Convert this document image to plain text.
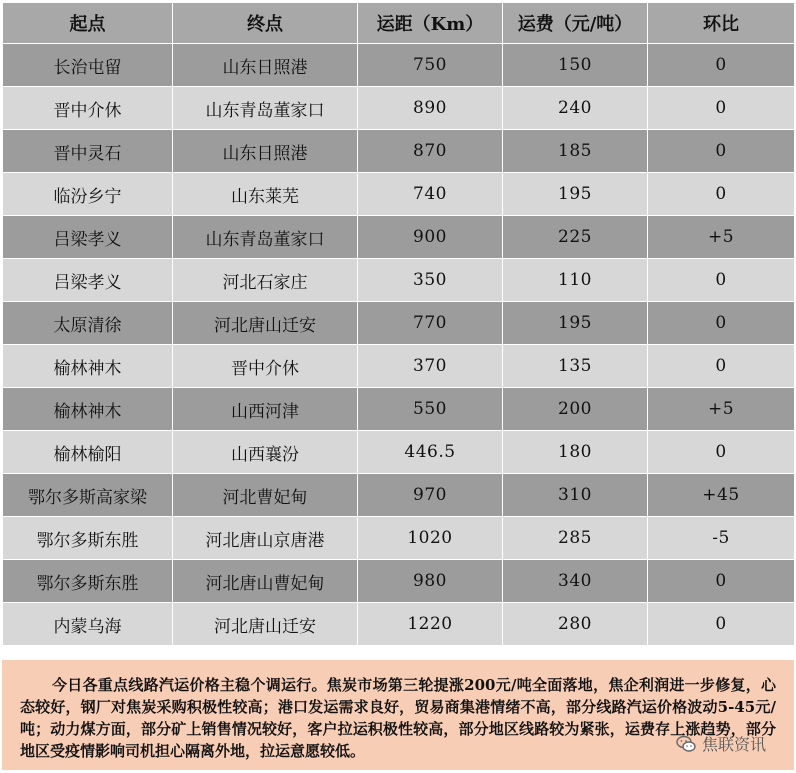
起点	终点	运距（Km）	运费（元/吨）	环比
长治屯留	山东日照港	750	150	0
晋中介休	山东青岛董家口	890	240	0
晋中灵石	山东日照港	870	185	0
临汾乡宁	山东莱芜	740	195	0
吕梁孝义	山东青岛董家口	900	225	+5
吕梁孝义	河北石家庄	350	110	0
太原清徐	河北唐山迁安	770	195	0
榆林神木	晋中介休	370	135	0
榆林神木	山西河津	550	200	+5
榆林榆阳	山西襄汾	446.5	180	0
鄂尔多斯高家梁	河北曹妃甸	970	310	+45
鄂尔多斯东胜	河北唐山京唐港	1020	285	-5
鄂尔多斯东胜	河北唐山曹妃甸	980	340	0
内蒙乌海	河北唐山迁安	1220	280	0

今日各重点线路汽运价格主稳个调运行。焦炭市场第三轮提涨200元/吨全面落地，焦企利润进一步修复，心态较好，钢厂对焦炭采购积极性较高；港口发运需求良好，贸易商集港情绪不高，部分线路汽运价格波动5-45元/吨；动力煤方面，部分矿上销售情况较好，客户拉运积极性较高，部分地区线路较为紧张，运费存上涨趋势，部分地区受疫情影响司机担心隔离外地，拉运意愿较低。	焦联资讯
